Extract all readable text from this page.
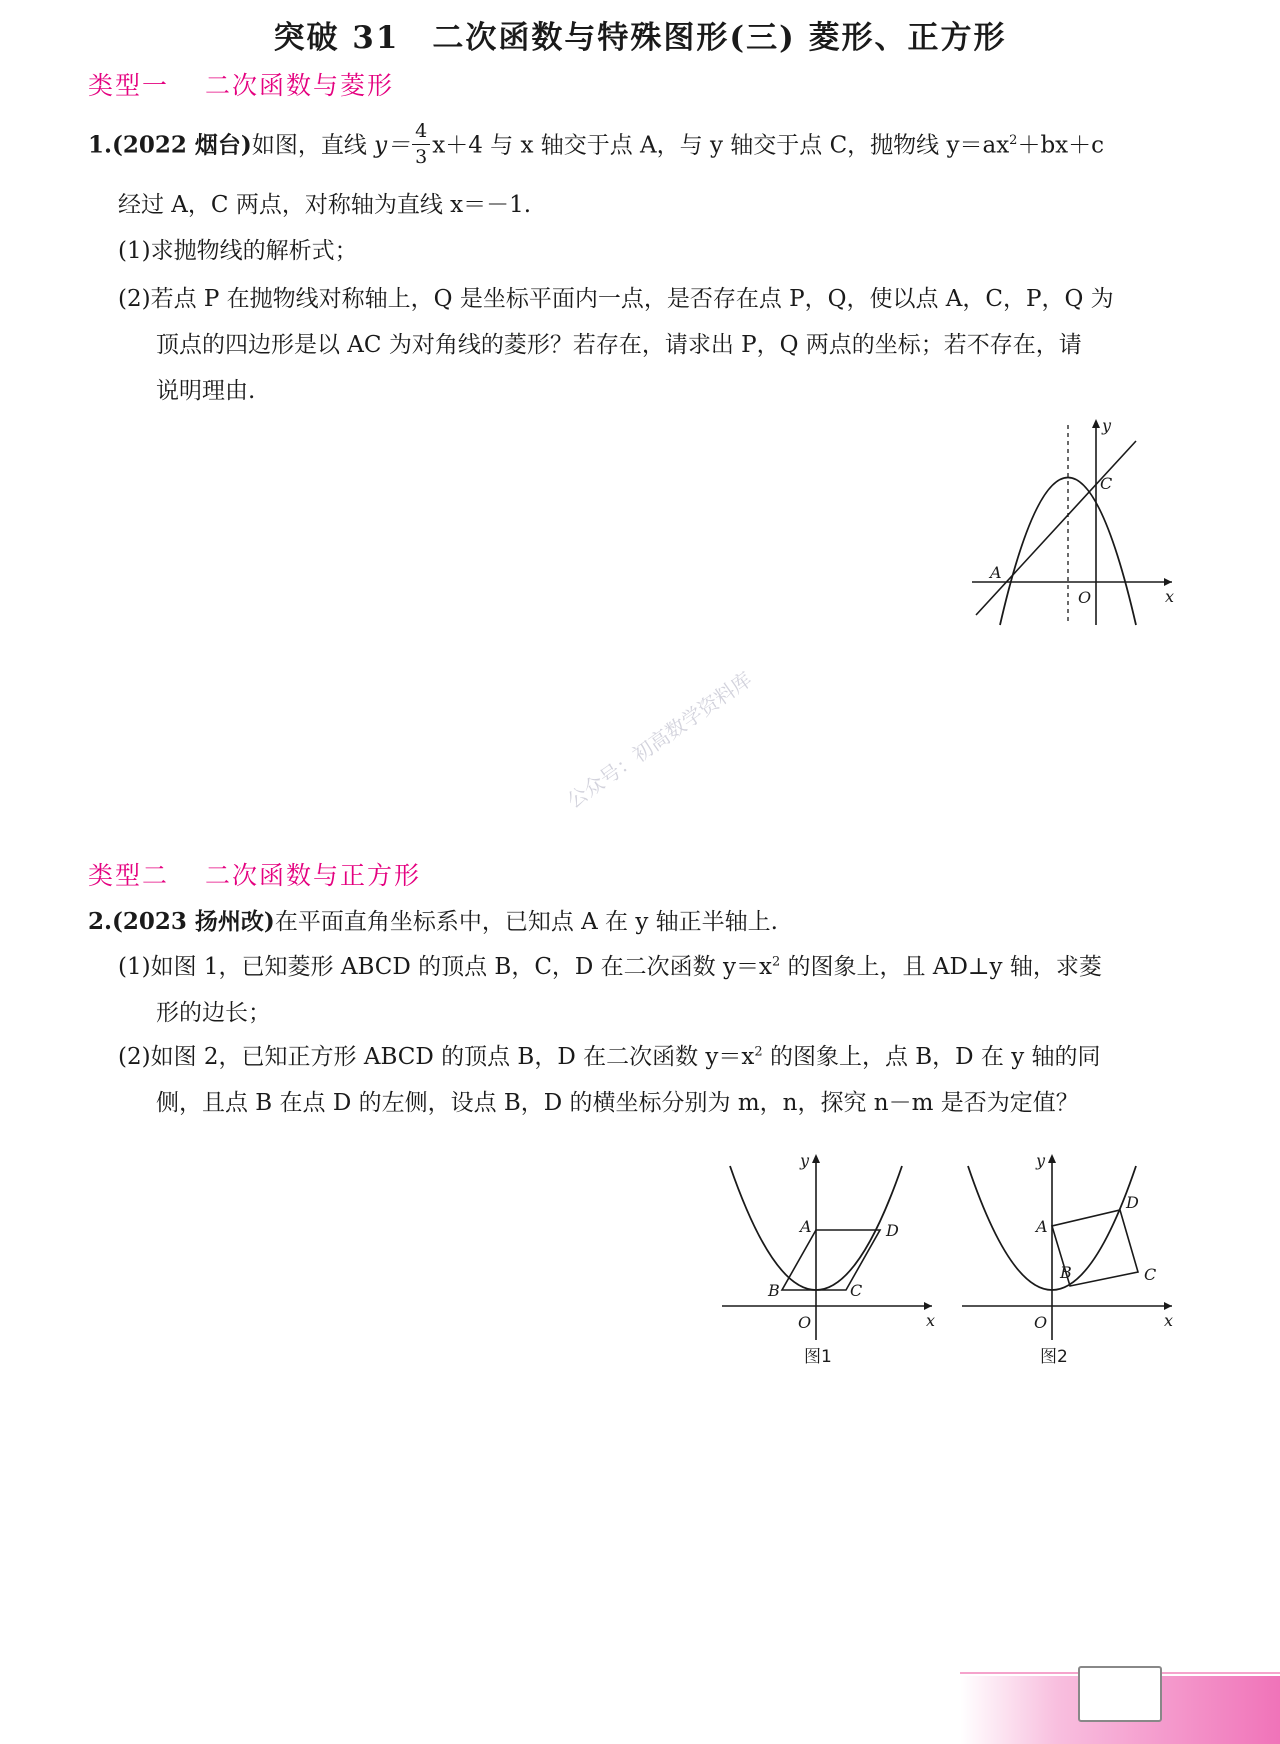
突破 31　二次函数与特殊图形(三) 菱形、正方形
类型一 二次函数与菱形
1.(2022 烟台)如图，直线 $y= \frac{4}{3} x+4$ 与 x 轴交于点 A，与 y 轴交于点 C，抛物线 $y=ax^2+bx+c$
经过 A，C 两点，对称轴为直线 x＝－1.
(1)求抛物线的解析式；
(2)若点 P 在抛物线对称轴上，Q 是坐标平面内一点，是否存在点 P，Q，使以点 A，C，P，Q 为
顶点的四边形是以 AC 为对角线的菱形？若存在，请求出 P，Q 两点的坐标；若不存在，请
说明理由.
y
x
O
A
C
公众号：初高数学资料库
类型二 二次函数与正方形
2.(2023 扬州改)在平面直角坐标系中，已知点 A 在 y 轴正半轴上.
(1)如图 1，已知菱形 ABCD 的顶点 B，C，D 在二次函数 $y=x^2$ 的图象上，且 AD⊥y 轴，求菱
形的边长；
(2)如图 2，已知正方形 ABCD 的顶点 B，D 在二次函数 $y=x^2$ 的图象上，点 B，D 在 y 轴的同
侧，且点 B 在点 D 的左侧，设点 B，D 的横坐标分别为 m，n，探究 n－m 是否为定值？
y
x
O
A
B	C
D
图1
y
x
O
A
B	C
D
图2
